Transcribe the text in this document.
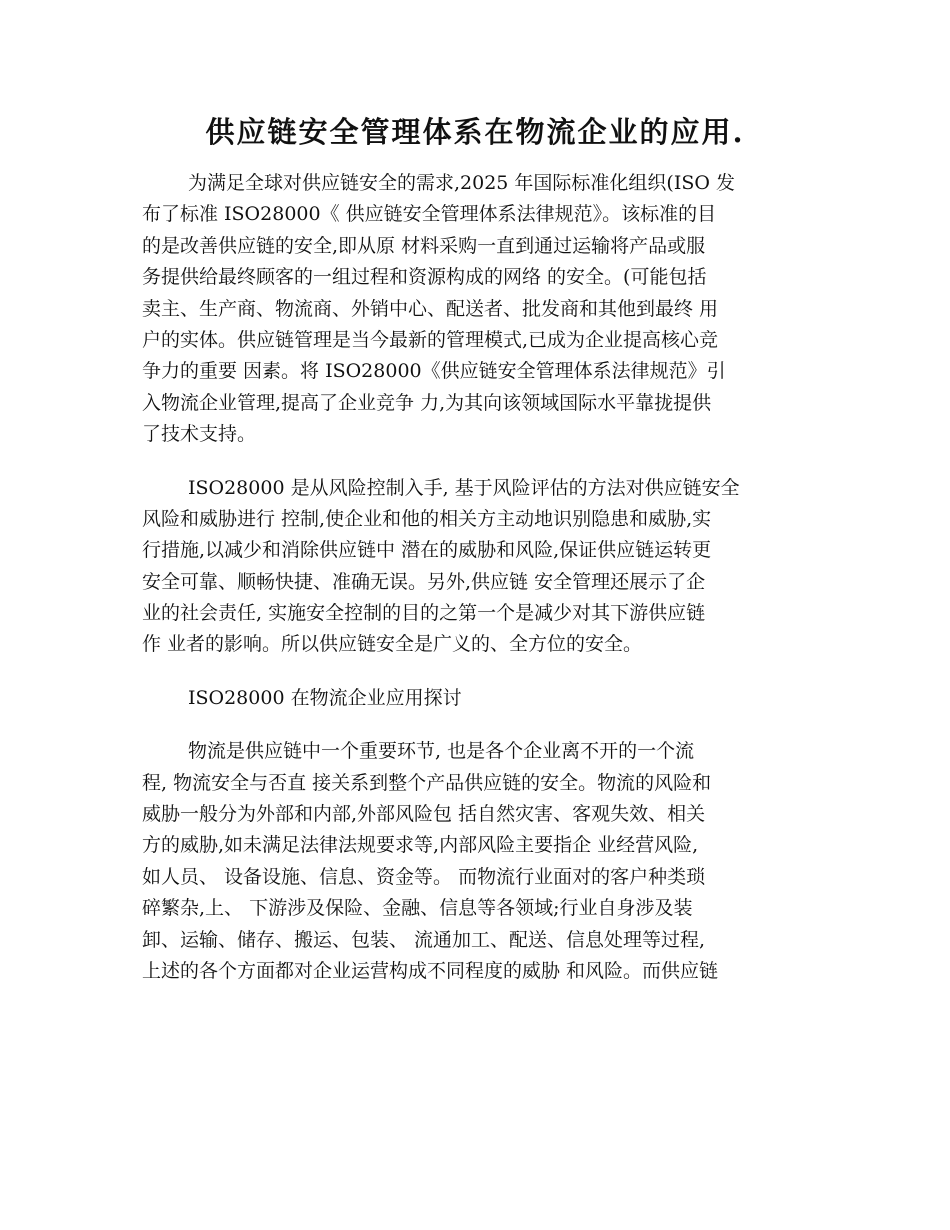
供应链安全管理体系在物流企业的应用.
为满足全球对供应链安全的需求,2025 年国际标准化组织(ISO 发
布了标准 ISO28000《 供应链安全管理体系法律规范》。该标准的目
的是改善供应链的安全,即从原 材料采购一直到通过运输将产品或服
务提供给最终顾客的一组过程和资源构成的网络 的安全。(可能包括
卖主、生产商、物流商、外销中心、配送者、批发商和其他到最终 用
户的实体。供应链管理是当今最新的管理模式,已成为企业提高核心竞
争力的重要 因素。将 ISO28000《供应链安全管理体系法律规范》引
入物流企业管理,提高了企业竞争 力,为其向该领域国际水平靠拢提供
了技术支持。
ISO28000 是从风险控制入手, 基于风险评估的方法对供应链安全
风险和威胁进行 控制,使企业和他的相关方主动地识别隐患和威胁,实
行措施,以减少和消除供应链中 潜在的威胁和风险,保证供应链运转更
安全可靠、顺畅快捷、准确无误。另外,供应链 安全管理还展示了企
业的社会责任, 实施安全控制的目的之第一个是减少对其下游供应链
作 业者的影响。所以供应链安全是广义的、全方位的安全。
ISO28000 在物流企业应用探讨
物流是供应链中一个重要环节, 也是各个企业离不开的一个流
程, 物流安全与否直 接关系到整个产品供应链的安全。物流的风险和
威胁一般分为外部和内部,外部风险包 括自然灾害、客观失效、相关
方的威胁,如未满足法律法规要求等,内部风险主要指企 业经营风险,
如人员、 设备设施、信息、资金等。 而物流行业面对的客户种类琐
碎繁杂,上、 下游涉及保险、金融、信息等各领域;行业自身涉及装
卸、运输、储存、搬运、包装、 流通加工、配送、信息处理等过程,
上述的各个方面都对企业运营构成不同程度的威胁 和风险。而供应链
